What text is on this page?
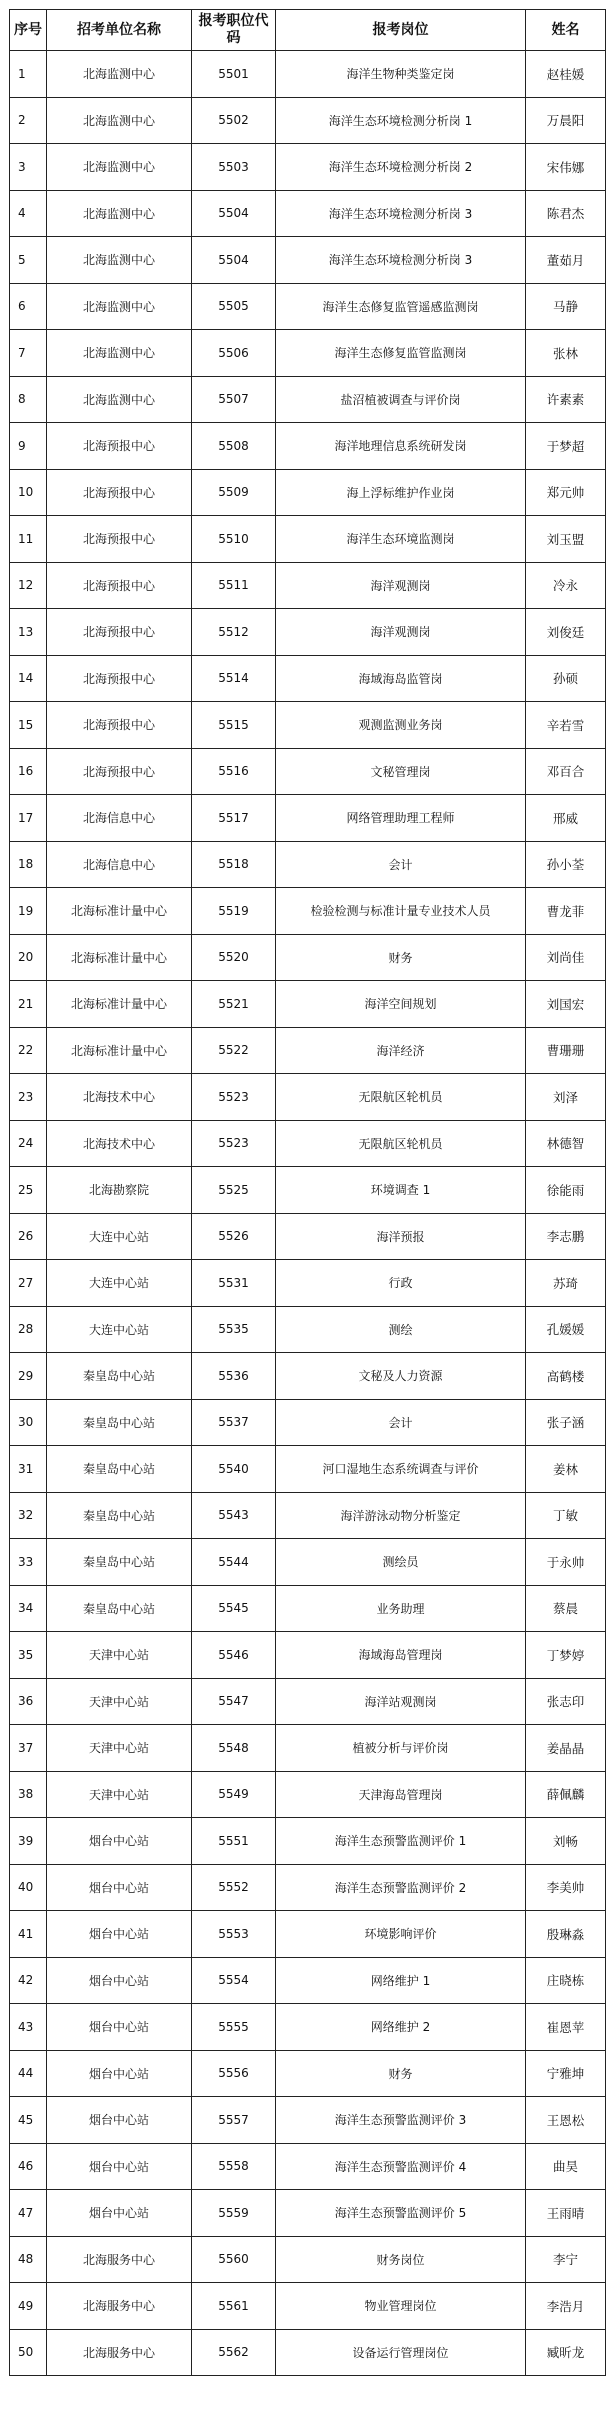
序号	招考单位名称	报考职位代码	报考岗位	姓名
1	北海监测中心	5501	海洋生物种类鉴定岗	赵桂媛
2	北海监测中心	5502	海洋生态环境检测分析岗 1	万晨阳
3	北海监测中心	5503	海洋生态环境检测分析岗 2	宋伟娜
4	北海监测中心	5504	海洋生态环境检测分析岗 3	陈君杰
5	北海监测中心	5504	海洋生态环境检测分析岗 3	董茹月
6	北海监测中心	5505	海洋生态修复监管遥感监测岗	马静
7	北海监测中心	5506	海洋生态修复监管监测岗	张林
8	北海监测中心	5507	盐沼植被调查与评价岗	许素素
9	北海预报中心	5508	海洋地理信息系统研发岗	于梦超
10	北海预报中心	5509	海上浮标维护作业岗	郑元帅
11	北海预报中心	5510	海洋生态环境监测岗	刘玉盟
12	北海预报中心	5511	海洋观测岗	冷永
13	北海预报中心	5512	海洋观测岗	刘俊廷
14	北海预报中心	5514	海域海岛监管岗	孙硕
15	北海预报中心	5515	观测监测业务岗	辛若雪
16	北海预报中心	5516	文秘管理岗	邓百合
17	北海信息中心	5517	网络管理助理工程师	邢威
18	北海信息中心	5518	会计	孙小荃
19	北海标准计量中心	5519	检验检测与标准计量专业技术人员	曹龙菲
20	北海标准计量中心	5520	财务	刘尚佳
21	北海标准计量中心	5521	海洋空间规划	刘国宏
22	北海标准计量中心	5522	海洋经济	曹珊珊
23	北海技术中心	5523	无限航区轮机员	刘泽
24	北海技术中心	5523	无限航区轮机员	林德智
25	北海勘察院	5525	环境调查 1	徐能雨
26	大连中心站	5526	海洋预报	李志鹏
27	大连中心站	5531	行政	苏琦
28	大连中心站	5535	测绘	孔媛媛
29	秦皇岛中心站	5536	文秘及人力资源	高鹤楼
30	秦皇岛中心站	5537	会计	张子涵
31	秦皇岛中心站	5540	河口湿地生态系统调查与评价	姜林
32	秦皇岛中心站	5543	海洋游泳动物分析鉴定	丁敏
33	秦皇岛中心站	5544	测绘员	于永帅
34	秦皇岛中心站	5545	业务助理	蔡晨
35	天津中心站	5546	海域海岛管理岗	丁梦婷
36	天津中心站	5547	海洋站观测岗	张志印
37	天津中心站	5548	植被分析与评价岗	姜晶晶
38	天津中心站	5549	天津海岛管理岗	薛佩麟
39	烟台中心站	5551	海洋生态预警监测评价 1	刘畅
40	烟台中心站	5552	海洋生态预警监测评价 2	李美帅
41	烟台中心站	5553	环境影响评价	殷琳淼
42	烟台中心站	5554	网络维护 1	庄晓栋
43	烟台中心站	5555	网络维护 2	崔恩苹
44	烟台中心站	5556	财务	宁雅坤
45	烟台中心站	5557	海洋生态预警监测评价 3	王恩松
46	烟台中心站	5558	海洋生态预警监测评价 4	曲昊
47	烟台中心站	5559	海洋生态预警监测评价 5	王雨晴
48	北海服务中心	5560	财务岗位	李宁
49	北海服务中心	5561	物业管理岗位	李浩月
50	北海服务中心	5562	设备运行管理岗位	臧昕龙
